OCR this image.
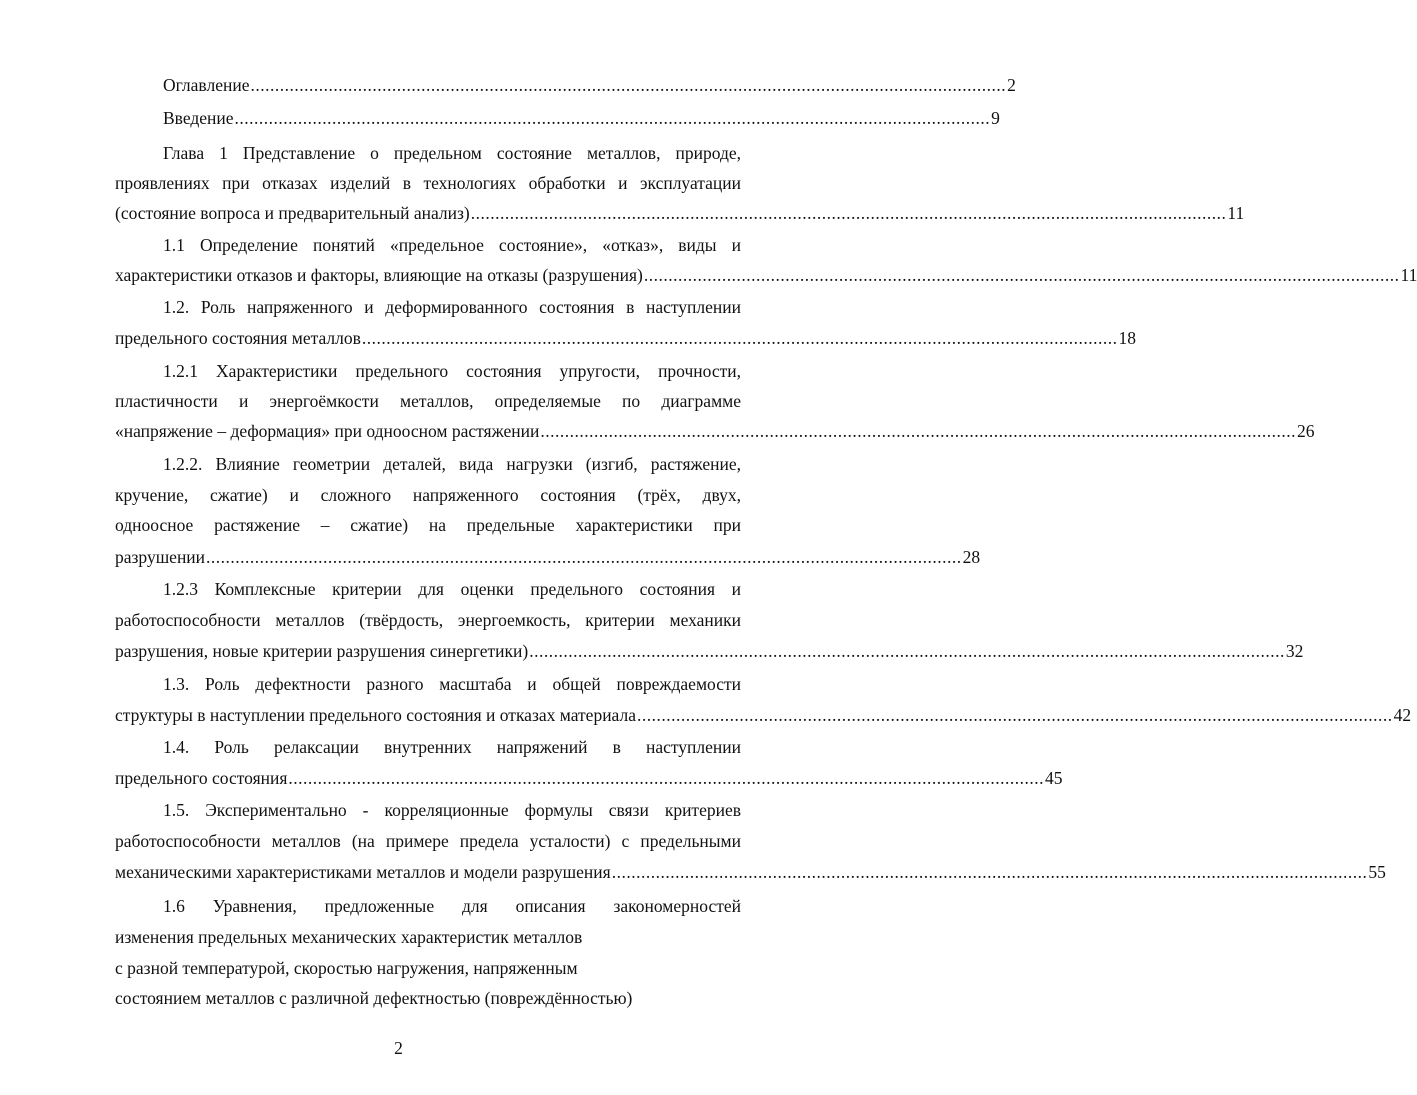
Оглавление ........................................................................................................................................................... 2
Введение ........................................................................................................................................................... 9
Глава 1 Представление о предельном состояние металлов, природе,
проявлениях при отказах изделий в технологиях обработки и эксплуатации
(состояние вопроса и предварительный анализ) ........................................................................................................................................................... 11
1.1 Определение понятий «предельное состояние», «отказ», виды и
характеристики отказов и факторы, влияющие на отказы (разрушения) ........................................................................................................................................................... 11
1.2. Роль напряженного и деформированного состояния в наступлении
предельного состояния металлов ........................................................................................................................................................... 18
1.2.1 Характеристики предельного состояния упругости, прочности,
пластичности и энергоёмкости металлов, определяемые по диаграмме
«напряжение – деформация» при одноосном растяжении ........................................................................................................................................................... 26
1.2.2. Влияние геометрии деталей, вида нагрузки (изгиб, растяжение,
кручение, сжатие) и сложного напряженного состояния (трёх, двух,
одноосное растяжение – сжатие) на предельные характеристики при
разрушении ........................................................................................................................................................... 28
1.2.3 Комплексные критерии для оценки предельного состояния и
работоспособности металлов (твёрдость, энергоемкость, критерии механики
разрушения, новые критерии разрушения синергетики) ........................................................................................................................................................... 32
1.3. Роль дефектности разного масштаба и общей повреждаемости
структуры в наступлении предельного состояния и отказах материала ........................................................................................................................................................... 42
1.4. Роль релаксации внутренних напряжений в наступлении
предельного состояния ........................................................................................................................................................... 45
1.5. Экспериментально - корреляционные формулы связи критериев
работоспособности металлов (на примере предела усталости) с предельными
механическими характеристиками металлов и модели разрушения ........................................................................................................................................................... 55
1.6 Уравнения, предложенные для описания закономерностей
изменения предельных механических характеристик металлов
с разной температурой, скоростью нагружения, напряженным
состоянием металлов с различной дефектностью (повреждённостью)
2
